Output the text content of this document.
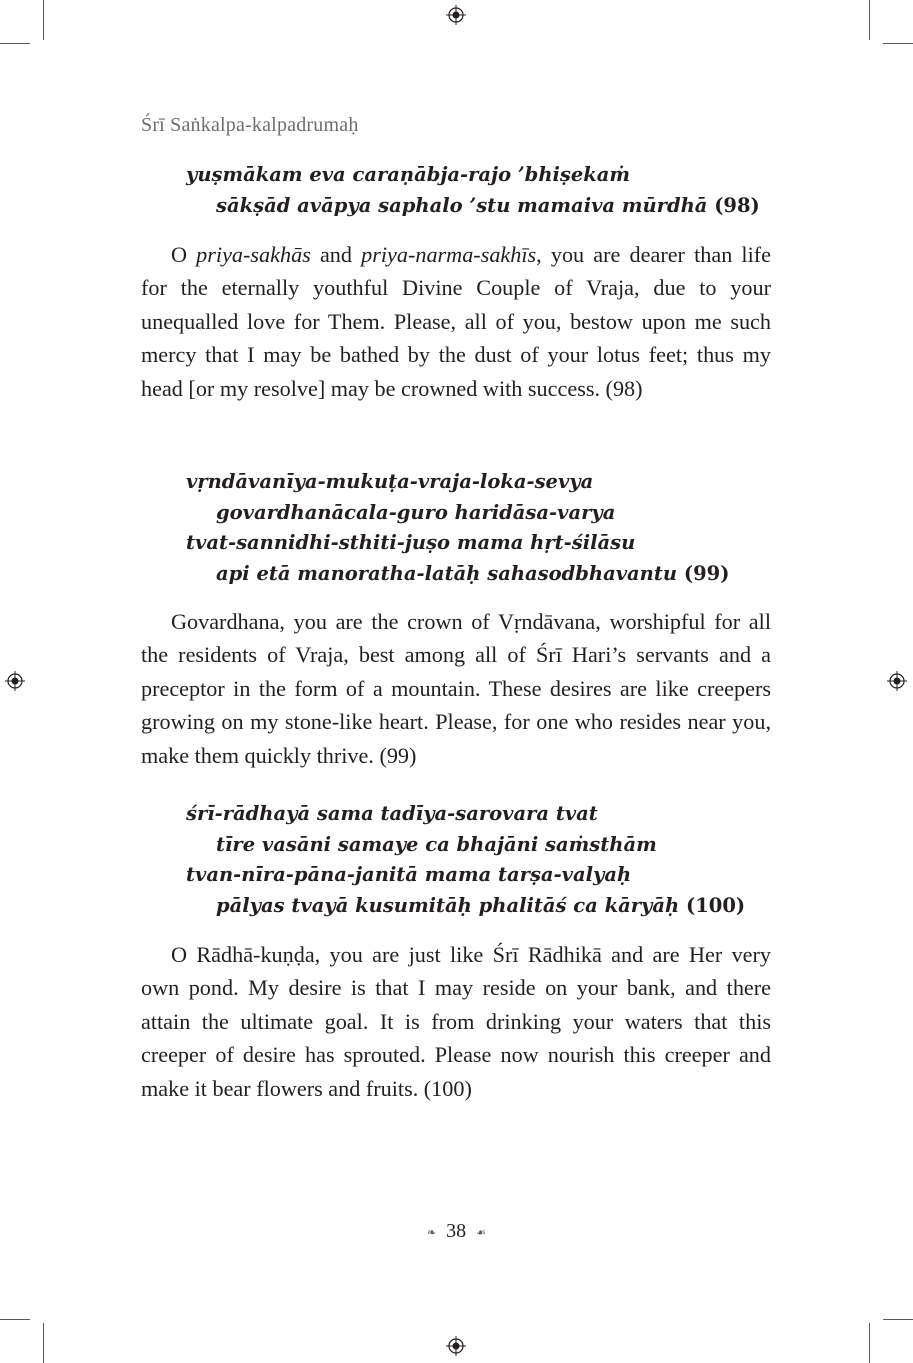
Śrī Saṅkalpa-kalpadrumaḥ
yuṣmākam eva caraṇābja-rajo ’bhiṣekaṁ
sākṣād avāpya saphalo ’stu mamaiva mūrdhā (98)

O priya-sakhās and priya-narma-sakhīs, you are dearer than life for the eternally youthful Divine Couple of Vraja, due to your unequalled love for Them. Please, all of you, bestow upon me such mercy that I may be bathed by the dust of your lotus feet; thus my head [or my resolve] may be crowned with success. (98)

vṛndāvanīya-mukuṭa-vraja-loka-sevya
govardhanācala-guro haridāsa-varya
tvat-sannidhi-sthiti-juṣo mama hṛt-śilāsu
api etā manoratha-latāḥ sahasodbhavantu (99)

Govardhana, you are the crown of Vṛndāvana, worshipful for all the residents of Vraja, best among all of Śrī Hari’s servants and a preceptor in the form of a mountain. These desires are like creepers growing on my stone-like heart. Please, for one who resides near you, make them quickly thrive. (99)

śrī-rādhayā sama tadīya-sarovara tvat
tīre vasāni samaye ca bhajāni saṁsthām
tvan-nīra-pāna-janitā mama tarṣa-valyaḥ
pālyas tvayā kusumitāḥ phalitāś ca kāryāḥ (100)

O Rādhā-kuṇḍa, you are just like Śrī Rādhikā and are Her very own pond. My desire is that I may reside on your bank, and there attain the ultimate goal. It is from drinking your waters that this creeper of desire has sprouted. Please now nourish this creeper and make it bear flowers and fruits. (100)

❧ 38 ☙
